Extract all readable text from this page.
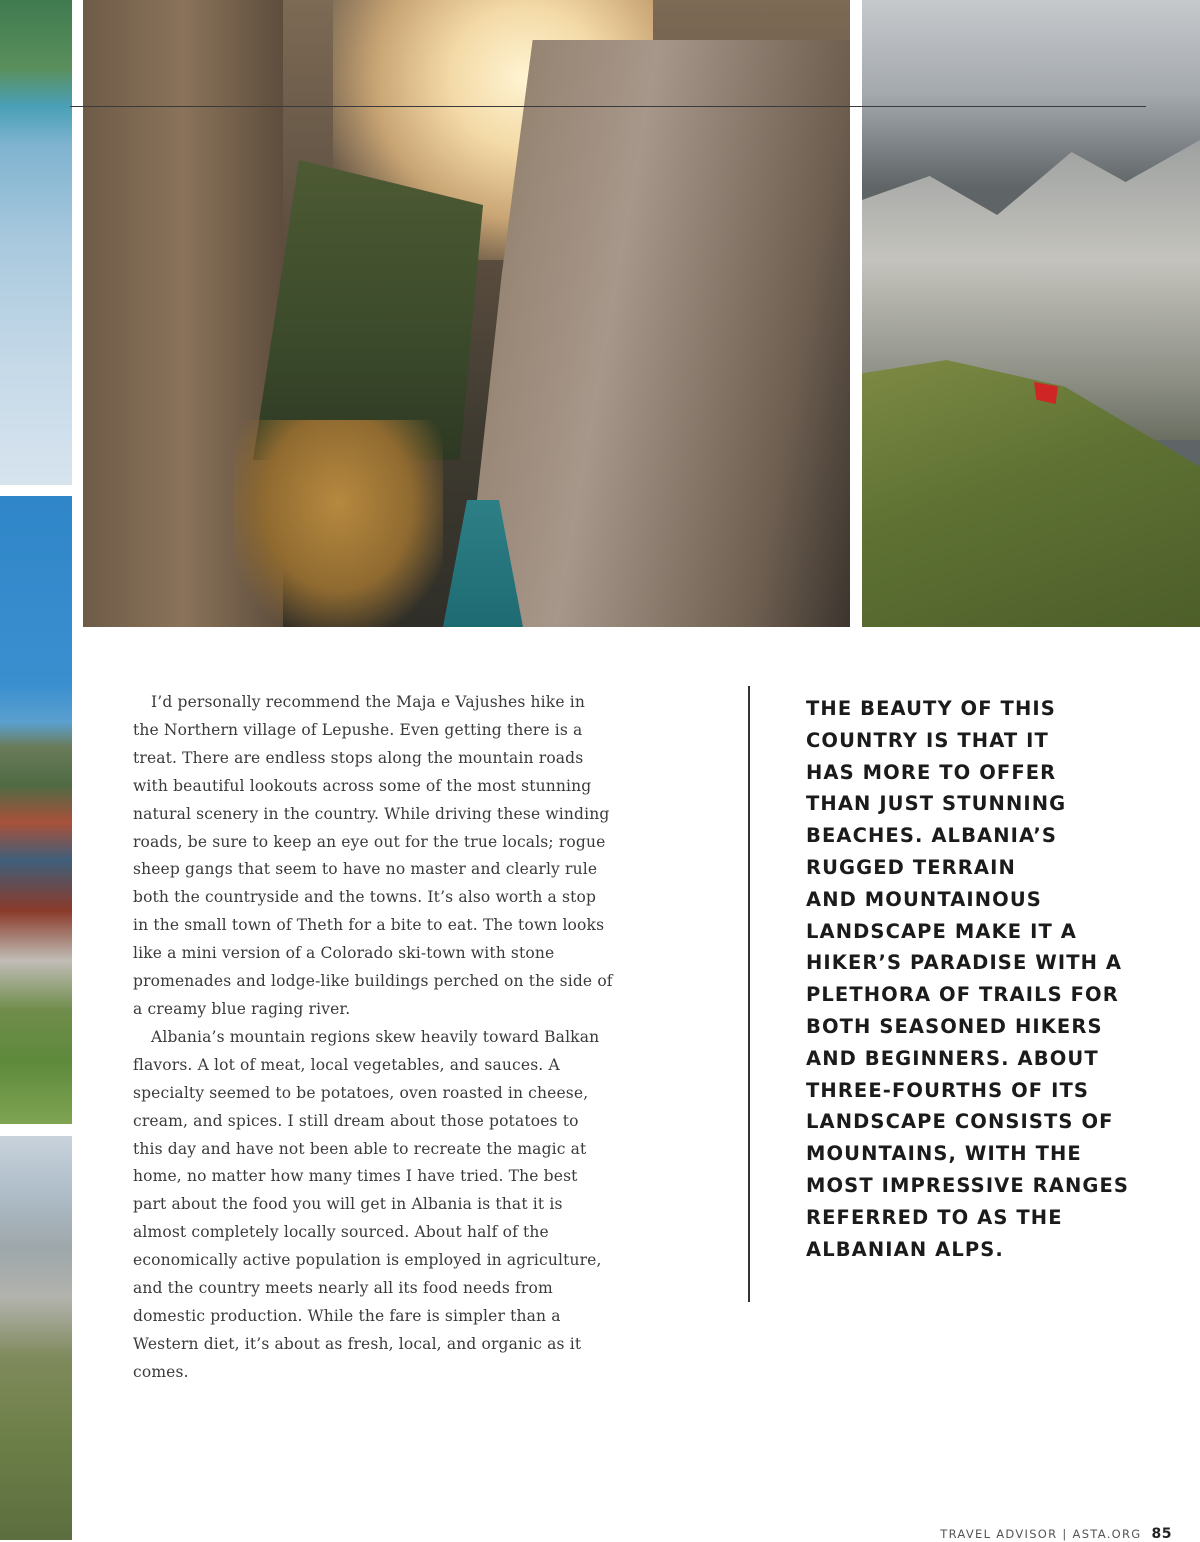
I’d personally recommend the Maja e Vajushes hike in the Northern village of Lepushe. Even getting there is a treat. There are endless stops along the mountain roads with beautiful lookouts across some of the most stunning natural scenery in the country. While driving these winding roads, be sure to keep an eye out for the true locals; rogue sheep gangs that seem to have no master and clearly rule both the countryside and the towns. It’s also worth a stop in the small town of Theth for a bite to eat. The town looks like a mini version of a Colorado ski-town with stone promenades and lodge-like buildings perched on the side of a creamy blue raging river.

Albania’s mountain regions skew heavily toward Balkan flavors. A lot of meat, local vegetables, and sauces. A specialty seemed to be potatoes, oven roasted in cheese, cream, and spices. I still dream about those potatoes to this day and have not been able to recreate the magic at home, no matter how many times I have tried. The best part about the food you will get in Albania is that it is almost completely locally sourced. About half of the economically active population is employed in agriculture, and the country meets nearly all its food needs from domestic production. While the fare is simpler than a Western diet, it’s about as fresh, local, and organic as it comes.

THE BEAUTY OF THIS
COUNTRY IS THAT IT
HAS MORE TO OFFER
THAN JUST STUNNING
BEACHES. ALBANIA’S
RUGGED TERRAIN
AND MOUNTAINOUS
LANDSCAPE MAKE IT A
HIKER’S PARADISE WITH A
PLETHORA OF TRAILS FOR
BOTH SEASONED HIKERS
AND BEGINNERS. ABOUT
THREE-FOURTHS OF ITS
LANDSCAPE CONSISTS OF
MOUNTAINS, WITH THE
MOST IMPRESSIVE RANGES
REFERRED TO AS THE
ALBANIAN ALPS.
TRAVEL ADVISOR | ASTA.ORG 85
